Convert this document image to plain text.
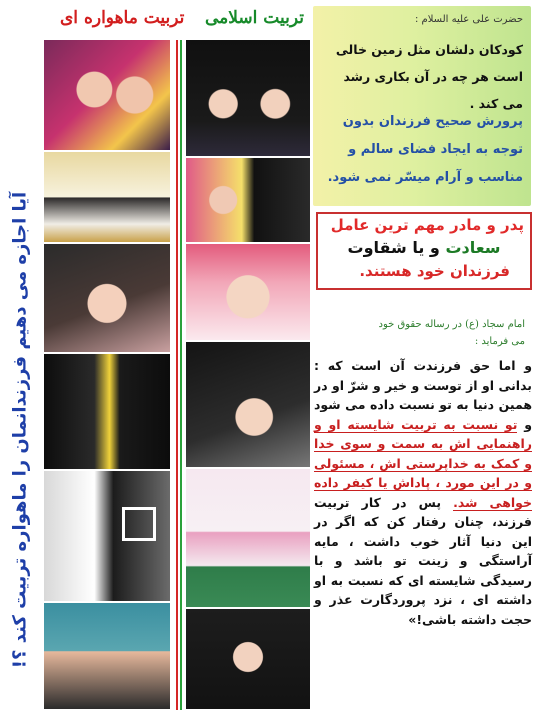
آیا اجازه می دهیم فرزندانمان را ماهواره تربیت کند ؟!
تربیت ماهواره ای تربیت اسلامی	حضرت علی علیه السلام :
کودکان دلشان مثل زمین خالی است هر چه در آن بکاری رشد می کند .
پرورش صحیح فرزندان بدون توجه به ایجاد فضای سالم و مناسب و آرام میسّر نمی شود.
پدر و مادر مهم ترین عامل
سعادت و یا شقاوت
فرزندان خود هستند.
امام سجاد (ع) در رساله حقوق خود
می فرماید :
و اما حق فرزندت آن است که : بدانی او از توست و خیر و شرّ او در همین دنیا به تو نسبت داده می شود و تو نسبت به تربیت شایسته او و راهنمایی اش به سمت و سوی خدا و کمک به خداپرستی اش ، مسئولی و در این مورد ، پاداش یا کیفر داده خواهی شد. پس در کار تربیت فرزند، چنان رفتار کن که اگر در این دنیا آثار خوب داشت ، مایه آراستگی و زینت تو باشد و با رسیدگی شایسته ای که نسبت به او داشته ای ، نزد پروردگارت عذر و حجت داشته باشی!»
